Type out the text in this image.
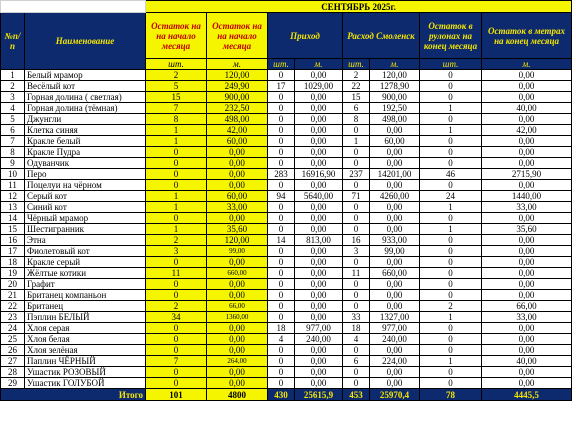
		СЕНТЯБРЬ 2025г.							
№п/п	Наименование	Остаток на на начало месяца	Остаток на на начало месяца	Приход		Расход Смоленск		Остаток в рулонах на конец месяца	Остаток в метрах на конец месяца
		шт.	м.	шт.	м.	шт.	м.	шт.	м.
1	Белый мрамор	2	120,00	0	0,00	2	120,00	0	0,00
2	Весёлый кот	5	249,90	17	1029,00	22	1278,90	0	0,00
3	Горная долина ( светлая)	15	900,00	0	0,00	15	900,00	0	0,00
4	Горная долина (тёмная)	7	232,50	0	0,00	6	192,50	1	40,00
5	Джунгли	8	498,00	0	0,00	8	498,00	0	0,00
6	Клетка синяя	1	42,00	0	0,00	0	0,00	1	42,00
7	Кракле белый	1	60,00	0	0,00	1	60,00	0	0,00
8	Кракле Пудра	0	0,00	0	0,00	0	0,00	0	0,00
9	Одуванчик	0	0,00	0	0,00	0	0,00	0	0,00
10	Перо	0	0,00	283	16916,90	237	14201,00	46	2715,90
11	Поцелуи на чёрном	0	0,00	0	0,00	0	0,00	0	0,00
12	Серый кот	1	60,00	94	5640,00	71	4260,00	24	1440,00
13	Синий кот	1	33,00	0	0,00	0	0,00	1	33,00
14	Чёрный мрамор	0	0,00	0	0,00	0	0,00	0	0,00
15	Шестигранник	1	35,60	0	0,00	0	0,00	1	35,60
16	Этна	2	120,00	14	813,00	16	933,00	0	0,00
17	Фиолетовый кот	3	99,00	0	0,00	3	99,00	0	0,00
18	Кракле серый	0	0,00	0	0,00	0	0,00	0	0,00
19	Жёлтые котики	11	660,00	0	0,00	11	660,00	0	0,00
20	Графит	0	0,00	0	0,00	0	0,00	0	0,00
21	Бритaнец компаньон	0	0,00	0	0,00	0	0,00	0	0,00
22	Бритaнец	2	66,00	0	0,00	0	0,00	2	66,00
23	Пэплин БЕЛЫЙ	34	1360,00	0	0,00	33	1327,00	1	33,00
24	Хлоя серая	0	0,00	18	977,00	18	977,00	0	0,00
25	Хлоя белая	0	0,00	4	240,00	4	240,00	0	0,00
26	Хлоя зелёная	0	0,00	0	0,00	0	0,00	0	0,00
27	Паплин ЧЁРНЫЙ	7	264,00	0	0,00	6	224,00	1	40,00
28	Ушастик РОЗОВЫЙ	0	0,00	0	0,00	0	0,00	0	0,00
29	Ушастик ГОЛУБОЙ	0	0,00	0	0,00	0	0,00	0	0,00
Итого		101	4800	430	25615,9	453	25970,4	78	4445,5
